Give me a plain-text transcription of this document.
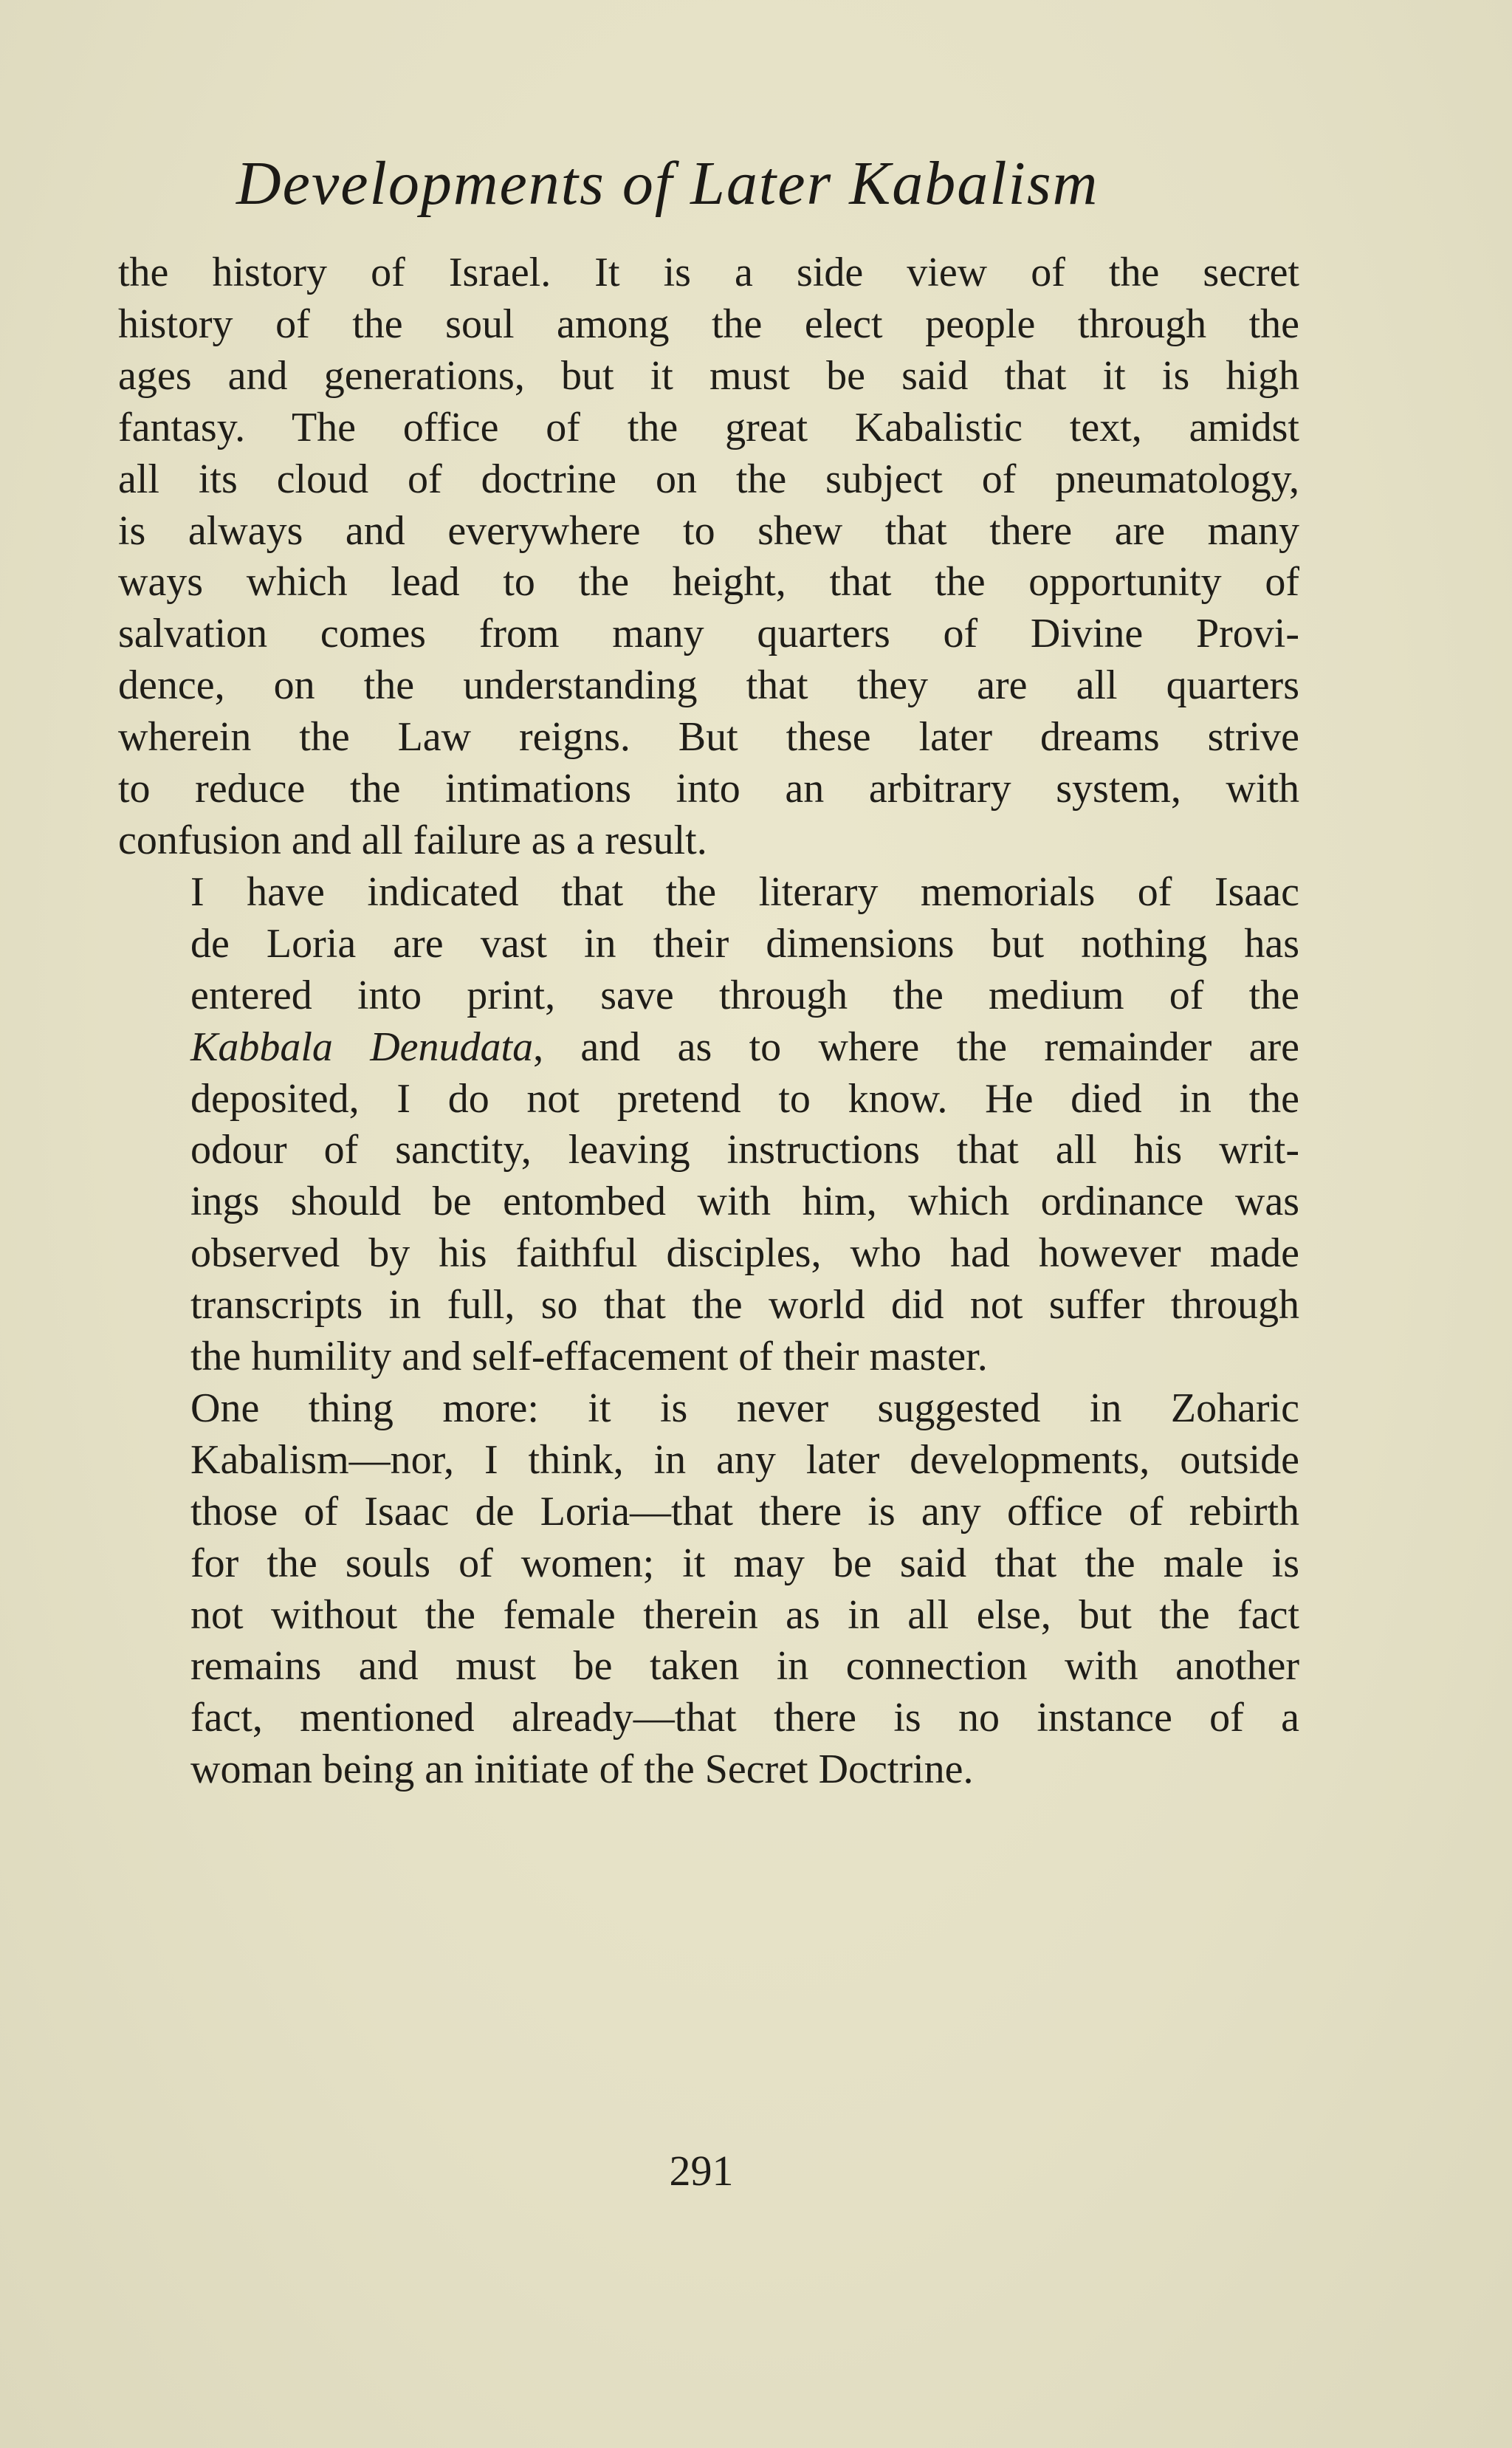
Developments of Later Kabalism

the history of Israel. It is a side view of the secret
history of the soul among the elect people through the
ages and generations, but it must be said that it is high
fantasy. The office of the great Kabalistic text, amidst
all its cloud of doctrine on the subject of pneumatology,
is always and everywhere to shew that there are many
ways which lead to the height, that the opportunity of
salvation comes from many quarters of Divine Provi-
dence, on the understanding that they are all quarters
wherein the Law reigns. But these later dreams strive
to reduce the intimations into an arbitrary system, with
confusion and all failure as a result.

I have indicated that the literary memorials of Isaac
de Loria are vast in their dimensions but nothing has
entered into print, save through the medium of the
Kabbala Denudata, and as to where the remainder are
deposited, I do not pretend to know. He died in the
odour of sanctity, leaving instructions that all his writ-
ings should be entombed with him, which ordinance was
observed by his faithful disciples, who had however made
transcripts in full, so that the world did not suffer through
the humility and self-effacement of their master.

One thing more: it is never suggested in Zoharic
Kabalism—nor, I think, in any later developments, outside
those of Isaac de Loria—that there is any office of rebirth
for the souls of women; it may be said that the male is
not without the female therein as in all else, but the fact
remains and must be taken in connection with another
fact, mentioned already—that there is no instance of a
woman being an initiate of the Secret Doctrine.

291
